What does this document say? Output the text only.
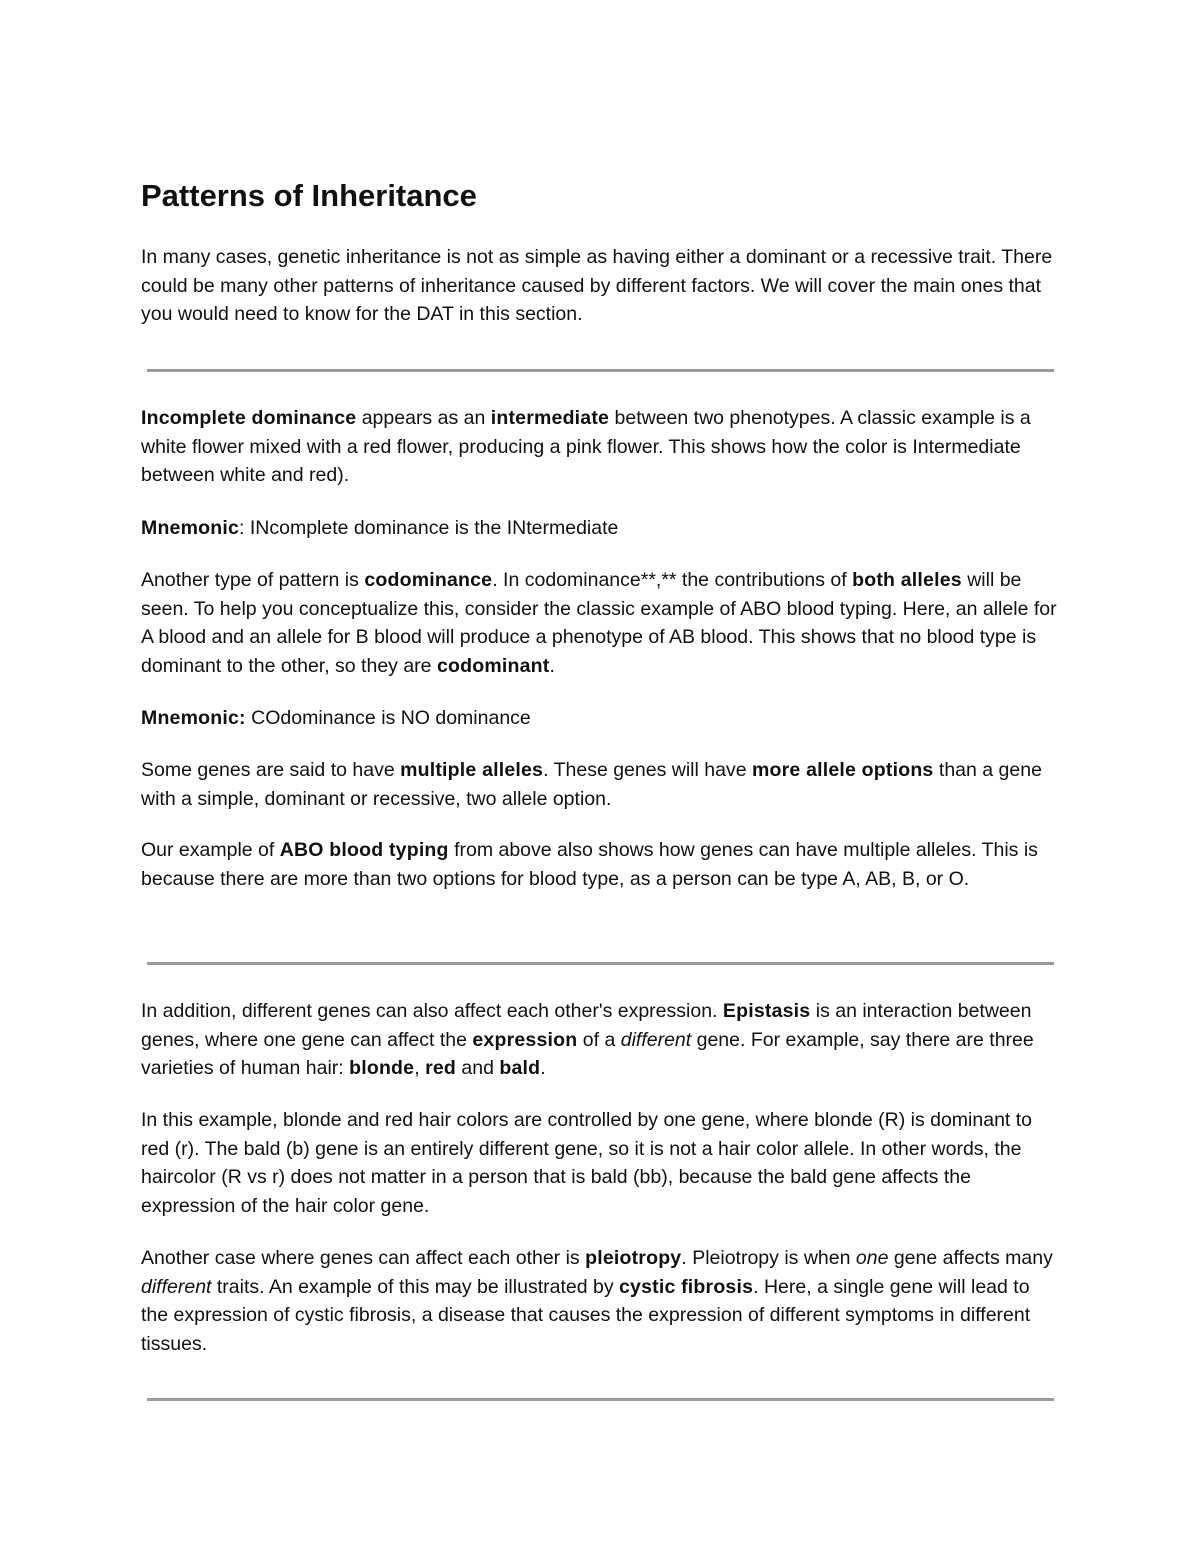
Patterns of Inheritance

In many cases, genetic inheritance is not as simple as having either a dominant or a recessive trait. There could be many other patterns of inheritance caused by different factors. We will cover the main ones that you would need to know for the DAT in this section.

Incomplete dominance appears as an intermediate between two phenotypes. A classic example is a white flower mixed with a red flower, producing a pink flower. This shows how the color is Intermediate between white and red).

Mnemonic: INcomplete dominance is the INtermediate

Another type of pattern is codominance. In codominance**,** the contributions of both alleles will be seen. To help you conceptualize this, consider the classic example of ABO blood typing. Here, an allele for A blood and an allele for B blood will produce a phenotype of AB blood. This shows that no blood type is dominant to the other, so they are codominant.

Mnemonic: COdominance is NO dominance

Some genes are said to have multiple alleles. These genes will have more allele options than a gene with a simple, dominant or recessive, two allele option.

Our example of ABO blood typing from above also shows how genes can have multiple alleles. This is because there are more than two options for blood type, as a person can be type A, AB, B, or O.

In addition, different genes can also affect each other's expression. Epistasis is an interaction between genes, where one gene can affect the expression of a different gene. For example, say there are three varieties of human hair: blonde, red and bald.

In this example, blonde and red hair colors are controlled by one gene, where blonde (R) is dominant to red (r). The bald (b) gene is an entirely different gene, so it is not a hair color allele. In other words, the haircolor (R vs r) does not matter in a person that is bald (bb), because the bald gene affects the expression of the hair color gene.

Another case where genes can affect each other is pleiotropy. Pleiotropy is when one gene affects many different traits. An example of this may be illustrated by cystic fibrosis. Here, a single gene will lead to the expression of cystic fibrosis, a disease that causes the expression of different symptoms in different tissues.
